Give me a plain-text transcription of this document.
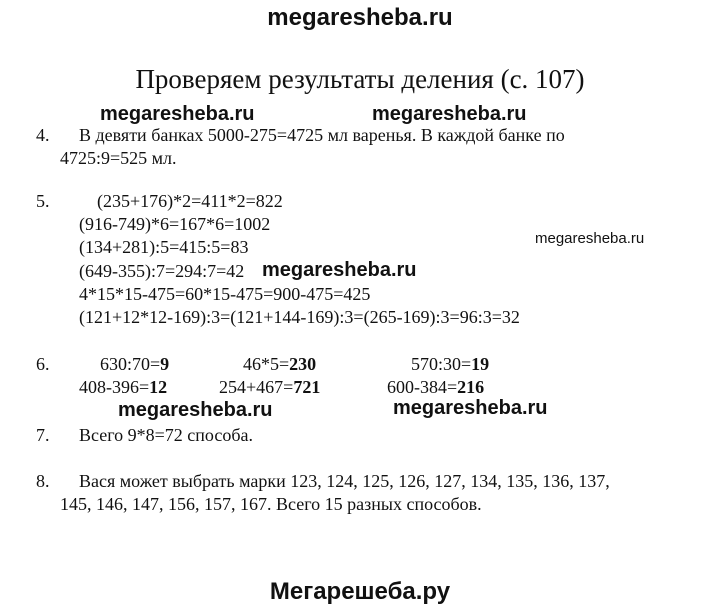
megaresheba.ru
Проверяем результаты деления (с. 107)
megaresheba.ru	megaresheba.ru
4. В девяти банках 5000-275=4725 мл варенья. В каждой банке по
4725:9=525 мл.
5.	(235+176)*2=411*2=822
(916-749)*6=167*6=1002
(134+281):5=415:5=83
(649-355):7=294:7=42
4*15*15-475=60*15-475=900-475=425
(121+12*12-169):3=(121+144-169):3=(265-169):3=96:3=32
megaresheba.ru
megaresheba.ru
6.	630:70=9	46*5=230	570:30=19
408-396=12	254+467=721	600-384=216
megaresheba.ru	megaresheba.ru
7. Всего 9*8=72 способа.
8. Вася может выбрать марки 123, 124, 125, 126, 127, 134, 135, 136, 137,
145, 146, 147, 156, 157, 167. Всего 15 разных способов.
Мегарешеба.ру
